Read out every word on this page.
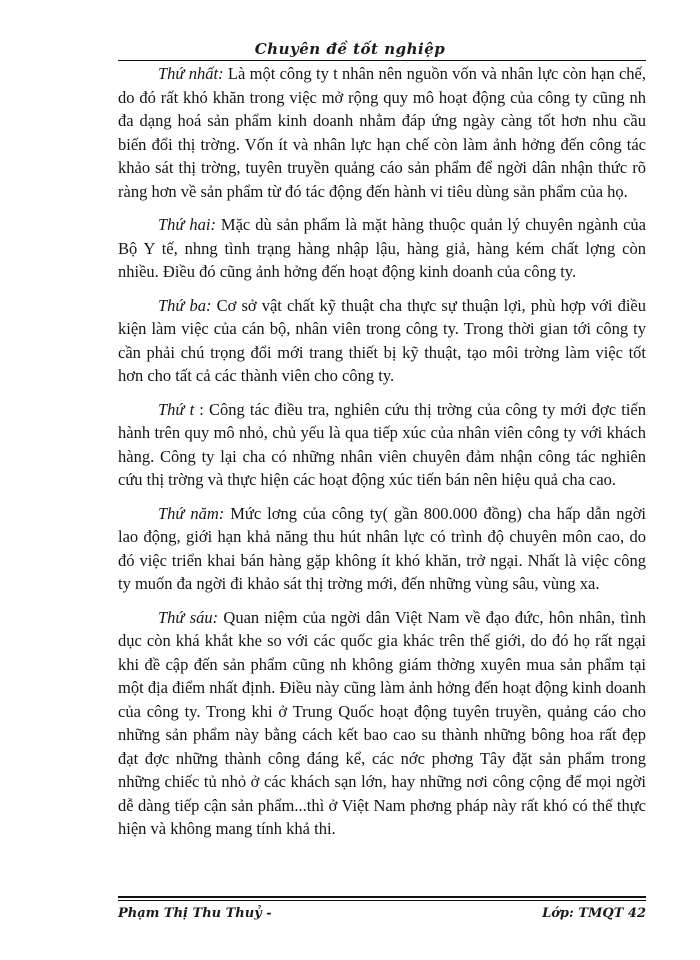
Chuyên đề tốt nghiệp

Thứ nhất: Là một công ty t nhân nên nguồn vốn và nhân lực còn hạn chế, do đó rất khó khăn trong việc mở rộng quy mô hoạt động của công ty cũng nh đa dạng hoá sản phẩm kinh doanh nhằm đáp ứng ngày càng tốt hơn nhu cầu biến đổi thị trờng. Vốn ít và nhân lực hạn chế còn làm ảnh hởng đến công tác khảo sát thị trờng, tuyên truyền quảng cáo sản phẩm để ngời dân nhận thức rõ ràng hơn về sản phẩm từ đó tác động đến hành vi tiêu dùng sản phẩm của họ.

Thứ hai: Mặc dù sản phẩm là mặt hàng thuộc quản lý chuyên ngành của Bộ Y tế, nhng tình trạng hàng nhập lậu, hàng giả, hàng kém chất lợng còn nhiều. Điều đó cũng ảnh hởng đến hoạt động kinh doanh của công ty.

Thứ ba: Cơ sở vật chất kỹ thuật cha thực sự thuận lợi, phù hợp với điều kiện làm việc của cán bộ, nhân viên trong công ty. Trong thời gian tới công ty cần phải chú trọng đổi mới trang thiết bị kỹ thuật, tạo môi trờng làm việc tốt hơn cho tất cả các thành viên cho công ty.

Thứ t : Công tác điều tra, nghiên cứu thị trờng của công ty mới đợc tiến hành trên quy mô nhỏ, chủ yếu là qua tiếp xúc của nhân viên công ty với khách hàng. Công ty lại cha có những nhân viên chuyên đảm nhận công tác nghiên cứu thị trờng và thực hiện các hoạt động xúc tiến bán nên hiệu quả cha cao.

Thứ năm: Mức lơng của công ty( gần 800.000 đồng) cha hấp dẫn ngời lao động, giới hạn khả năng thu hút nhân lực có trình độ chuyên môn cao, do đó việc triển khai bán hàng gặp không ít khó khăn, trở ngại. Nhất là việc công ty muốn đa ngời đi khảo sát thị trờng mới, đến những vùng sâu, vùng xa.

Thứ sáu: Quan niệm của ngời dân Việt Nam về đạo đức, hôn nhân, tình dục còn khá khắt khe so với các quốc gia khác trên thế giới, do đó họ rất ngại khi đề cập đến sản phẩm cũng nh không giám thờng xuyên mua sản phẩm tại một địa điểm nhất định. Điều này cũng làm ảnh hởng đến hoạt động kinh doanh của công ty. Trong khi ở Trung Quốc hoạt động tuyên truyền, quảng cáo cho những sản phẩm này bằng cách kết bao cao su thành những bông hoa rất đẹp đạt đợc những thành công đáng kể, các nớc phơng Tây đặt sản phẩm trong những chiếc tủ nhỏ ở các khách sạn lớn, hay những nơi công cộng để mọi ngời dễ dàng tiếp cận sản phẩm...thì ở Việt Nam phơng pháp này rất khó có thể thực hiện và không mang tính khả thi.

Phạm Thị Thu Thuỷ -	Lớp: TMQT 42
